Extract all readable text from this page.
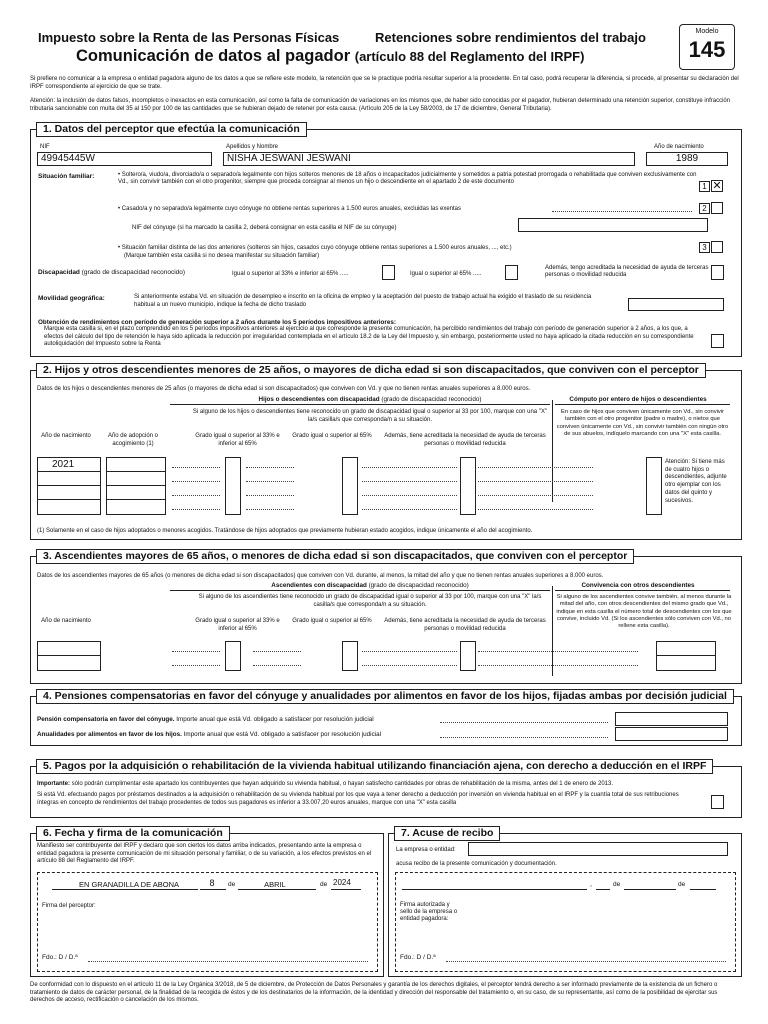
Impuesto sobre la Renta de las Personas Físicas	Retenciones sobre rendimientos del trabajo
Comunicación de datos al pagador (artículo 88 del Reglamento del IRPF)
Modelo
145
Si prefiere no comunicar a la empresa o entidad pagadora alguno de los datos a que se refiere este modelo, la retención que se le practique podría resultar superior a la procedente. En tal caso, podrá recuperar la diferencia, si procede, al presentar su declaración del IRPF correspondiente al ejercicio de que se trate.
Atención: la inclusión de datos falsos, incompletos o inexactos en esta comunicación, así como la falta de comunicación de variaciones en los mismos que, de haber sido conocidas por el pagador, hubieran determinado una retención superior, constituye infracción tributaria sancionable con multa del 35 al 150 por 100 de las cantidades que se hubieran dejado de retener por esta causa. (Artículo 205 de la Ley 58/2003, de 17 de diciembre, General Tributaria).
1. Datos del perceptor que efectúa la comunicación
NIF
49945445W
Apellidos y Nombre
NISHA JESWANI JESWANI
Año de nacimiento
1989
Situación familiar:	• Soltero/a, viudo/a, divorciado/a o separado/a legalmente con hijos solteros menores de 18 años o incapacitados judicialmente y sometidos a patria potestad prorrogada o rehabilitada que conviven exclusivamente con Vd., sin convivir también con el otro progenitor, siempre que proceda consignar al menos un hijo o descendiente en el apartado 2 de este documento	1 ✕
• Casado/a y no separado/a legalmente cuyo cónyuge no obtiene rentas superiores a 1.500 euros anuales, excluidas las exentas	2
NIF del cónyuge (si ha marcado la casilla 2, deberá consignar en esta casilla el NIF de su cónyuge)
• Situación familiar distinta de las dos anteriores (solteros sin hijos, casados cuyo cónyuge obtiene rentas superiores a 1.500 euros anuales, ..., etc.)
(Marque también esta casilla si no desea manifestar su situación familiar)
3
Discapacidad (grado de discapacidad reconocido)	Igual o superior al 33% e inferior al 65% .....	Igual o superior al 65% .....
Además, tengo acreditada la necesidad de ayuda de terceras personas o movilidad reducida
Movilidad geográfica:	Si anteriormente estaba Vd. en situación de desempleo e inscrito en la oficina de empleo y la aceptación del puesto de trabajo actual ha exigido el traslado de su residencia habitual a un nuevo municipio, indique la fecha de dicho traslado
Obtención de rendimientos con período de generación superior a 2 años durante los 5 períodos impositivos anteriores:
Marque esta casilla si, en el plazo comprendido en los 5 períodos impositivos anteriores al ejercicio al que corresponde la presente comunicación, ha percibido rendimientos del trabajo con período de generación superior a 2 años, a los que, a efectos del cálculo del tipo de retención le haya sido aplicada la reducción por irregularidad contemplada en el artículo 18.2 de la Ley del Impuesto y, sin embargo, posteriormente usted no haya aplicado la citada reducción en su correspondiente autoliquidación del Impuesto sobre la Renta
2. Hijos y otros descendientes menores de 25 años, o mayores de dicha edad si son discapacitados, que conviven con el perceptor
Datos de los hijos o descendientes menores de 25 años (o mayores de dicha edad si son discapacitados) que conviven con Vd. y que no tienen rentas anuales superiores a 8.000 euros.
Hijos o descendientes con discapacidad (grado de discapacidad reconocido)
Si alguno de los hijos o descendientes tiene reconocido un grado de discapacidad igual o superior al 33 por 100, marque con una "X" la/s casilla/s que corresponda/n a su situación.
Cómputo por entero de hijos o descendientes
En caso de hijos que conviven únicamente con Vd., sin convivir también con el otro progenitor (padre o madre), o nietos que conviven únicamente con Vd., sin convivir también con ningún otro de sus abuelos, indíquelo marcando con una "X" esta casilla.
Año de nacimiento	Año de adopción o acogimiento (1)
Grado igual o superior al 33% e inferior al 65%
Grado igual o superior al 65%	Además, tiene acreditada la necesidad de ayuda de terceras personas o movilidad reducida
2021	Atención: Si tiene más de cuatro hijos o descendientes, adjunte otro ejemplar con los datos del quinto y sucesivos.
(1) Solamente en el caso de hijos adoptados o menores acogidos. Tratándose de hijos adoptados que previamente hubieran estado acogidos, indique únicamente el año del acogimiento.
3. Ascendientes mayores de 65 años, o menores de dicha edad si son discapacitados, que conviven con el perceptor
Datos de los ascendientes mayores de 65 años (o menores de dicha edad si son discapacitados) que conviven con Vd. durante, al menos, la mitad del año y que no tienen rentas anuales superiores a 8.000 euros.
Ascendientes con discapacidad (grado de discapacidad reconocido)
Si alguno de los ascendientes tiene reconocido un grado de discapacidad igual o superior al 33 por 100, marque con una "X" la/s casilla/s que corresponda/n a su situación.
Convivencia con otros descendientes
Si alguno de los ascendientes convive también, al menos durante la mitad del año, con otros descendientes del mismo grado que Vd., indique en esta casilla el número total de descendientes con los que convive, incluido Vd. (Si los ascendientes sólo conviven con Vd., no rellene esta casilla).
Año de nacimiento	Grado igual o superior al 33% e inferior al 65%
Grado igual o superior al 65%	Además, tiene acreditada la necesidad de ayuda de terceras personas o movilidad reducida
4. Pensiones compensatorias en favor del cónyuge y anualidades por alimentos en favor de los hijos, fijadas ambas por decisión judicial
Pensión compensatoria en favor del cónyuge. Importe anual que está Vd. obligado a satisfacer por resolución judicial
Anualidades por alimentos en favor de los hijos. Importe anual que está Vd. obligado a satisfacer por resolución judicial
5. Pagos por la adquisición o rehabilitación de la vivienda habitual utilizando financiación ajena, con derecho a deducción en el IRPF
Importante: sólo podrán cumplimentar este apartado los contribuyentes que hayan adquirido su vivienda habitual, o hayan satisfecho cantidades por obras de rehabilitación de la misma, antes del 1 de enero de 2013.
Si está Vd. efectuando pagos por préstamos destinados a la adquisición o rehabilitación de su vivienda habitual por los que vaya a tener derecho a deducción por inversión en vivienda habitual en el IRPF y la cuantía total de sus retribuciones íntegras en concepto de rendimientos del trabajo procedentes de todos sus pagadores es inferior a 33.007,20 euros anuales, marque con una "X" esta casilla
6. Fecha y firma de la comunicación
Manifiesto ser contribuyente del IRPF y declaro que son ciertos los datos arriba indicados, presentando ante la empresa o entidad pagadora la presente comunicación de mi situación personal y familiar, o de su variación, a los efectos previstos en el artículo 88 del Reglamento del IRPF.
EN GRANADILLA DE ABONA	8	de	ABRIL	de 2024
Firma del perceptor:
Fdo.: D / D.ª
7. Acuse de recibo
La empresa o entidad:
acusa recibo de la presente comunicación y documentación.
,	de	de
Firma autorizada y sello de la empresa o entidad pagadora:
Fdo.: D / D.ª
De conformidad con lo dispuesto en el artículo 11 de la Ley Orgánica 3/2018, de 5 de diciembre, de Protección de Datos Personales y garantía de los derechos digitales, el perceptor tendrá derecho a ser informado previamente de la existencia de un fichero o tratamiento de datos de carácter personal, de la finalidad de la recogida de éstos y de los destinatarios de la información, de la identidad y dirección del responsable del tratamiento o, en su caso, de su representante, así como de la posibilidad de ejercitar sus derechos de acceso, rectificación o cancelación de los mismos.
